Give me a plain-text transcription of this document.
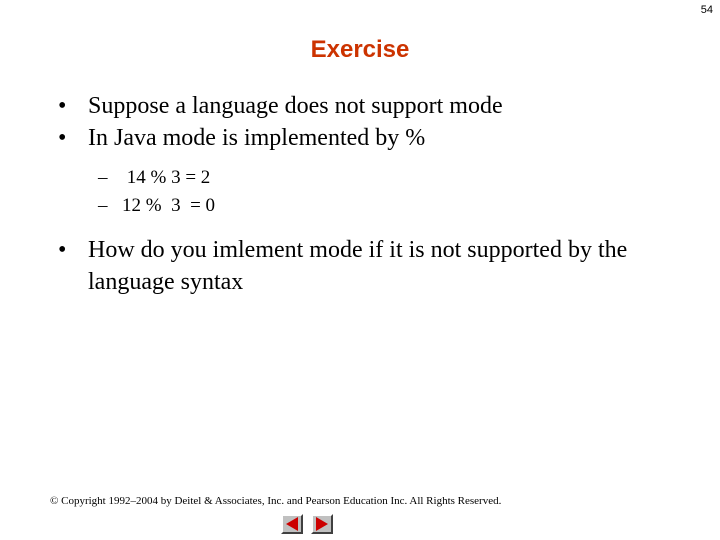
54
Exercise
• Suppose a language does not support mode
• In Java mode is implemented by %
– 14 % 3 = 2
– 12 %  3  = 0
• How do you imlement mode if it is not supported by the language syntax
© Copyright 1992–2004 by Deitel & Associates, Inc. and Pearson Education Inc. All Rights Reserved.
